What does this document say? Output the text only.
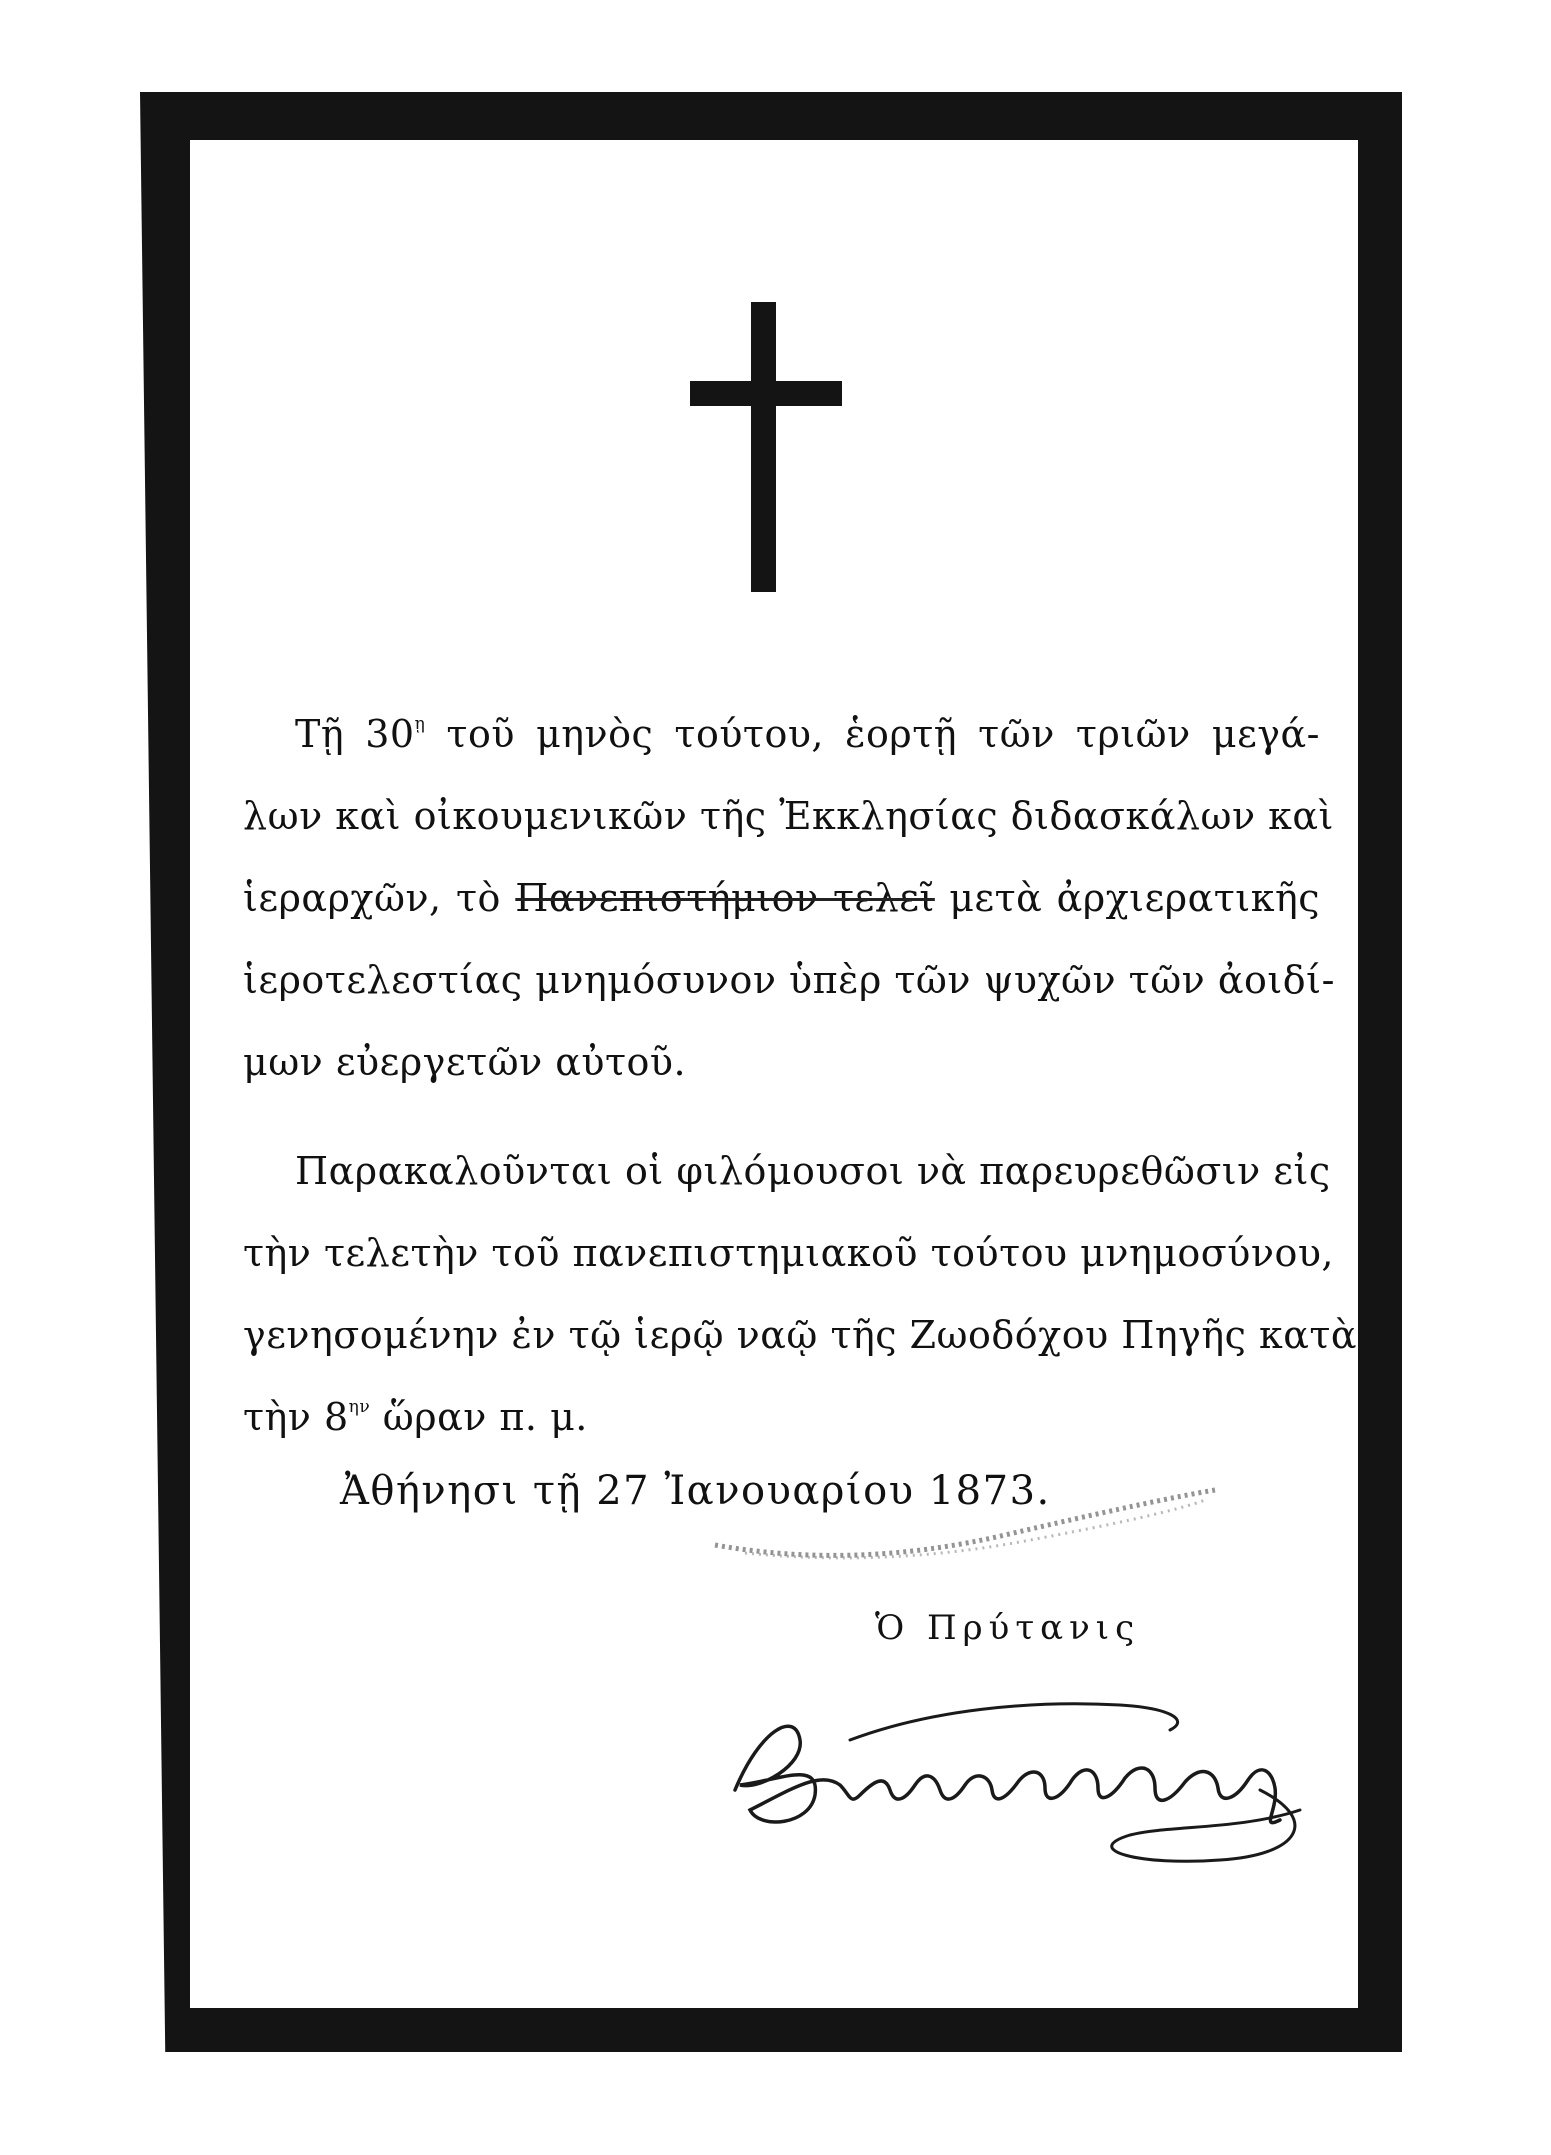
Τῇ $30^ῃ$ τοῦ μηνὸς τούτου, ἑορτῇ τῶν τριῶν μεγά-
λων καὶ οἰκουμενικῶν τῆς Ἐκκλησίας διδασκάλων καὶ
ἱεραρχῶν, τὸ Πανεπιστήμιον τελεῖ μετὰ ἀρχιερατικῆς
ἱεροτελεστίας μνημόσυνον ὑπὲρ τῶν ψυχῶν τῶν ἀοιδί-
μων εὐεργετῶν αὐτοῦ.
Παρακαλοῦνται οἱ φιλόμουσοι νὰ παρευρεθῶσιν εἰς
τὴν τελετὴν τοῦ πανεπιστημιακοῦ τούτου μνημοσύνου,
γενησομένην ἐν τῷ ἱερῷ ναῷ τῆς Ζωοδόχου Πηγῆς κατὰ
τὴν $8^{\eta\nu}$ ὥραν π. μ.
Ἀθήνησι τῇ 27 Ἰανουαρίου 1873.
Ὁ Πρύτανις
